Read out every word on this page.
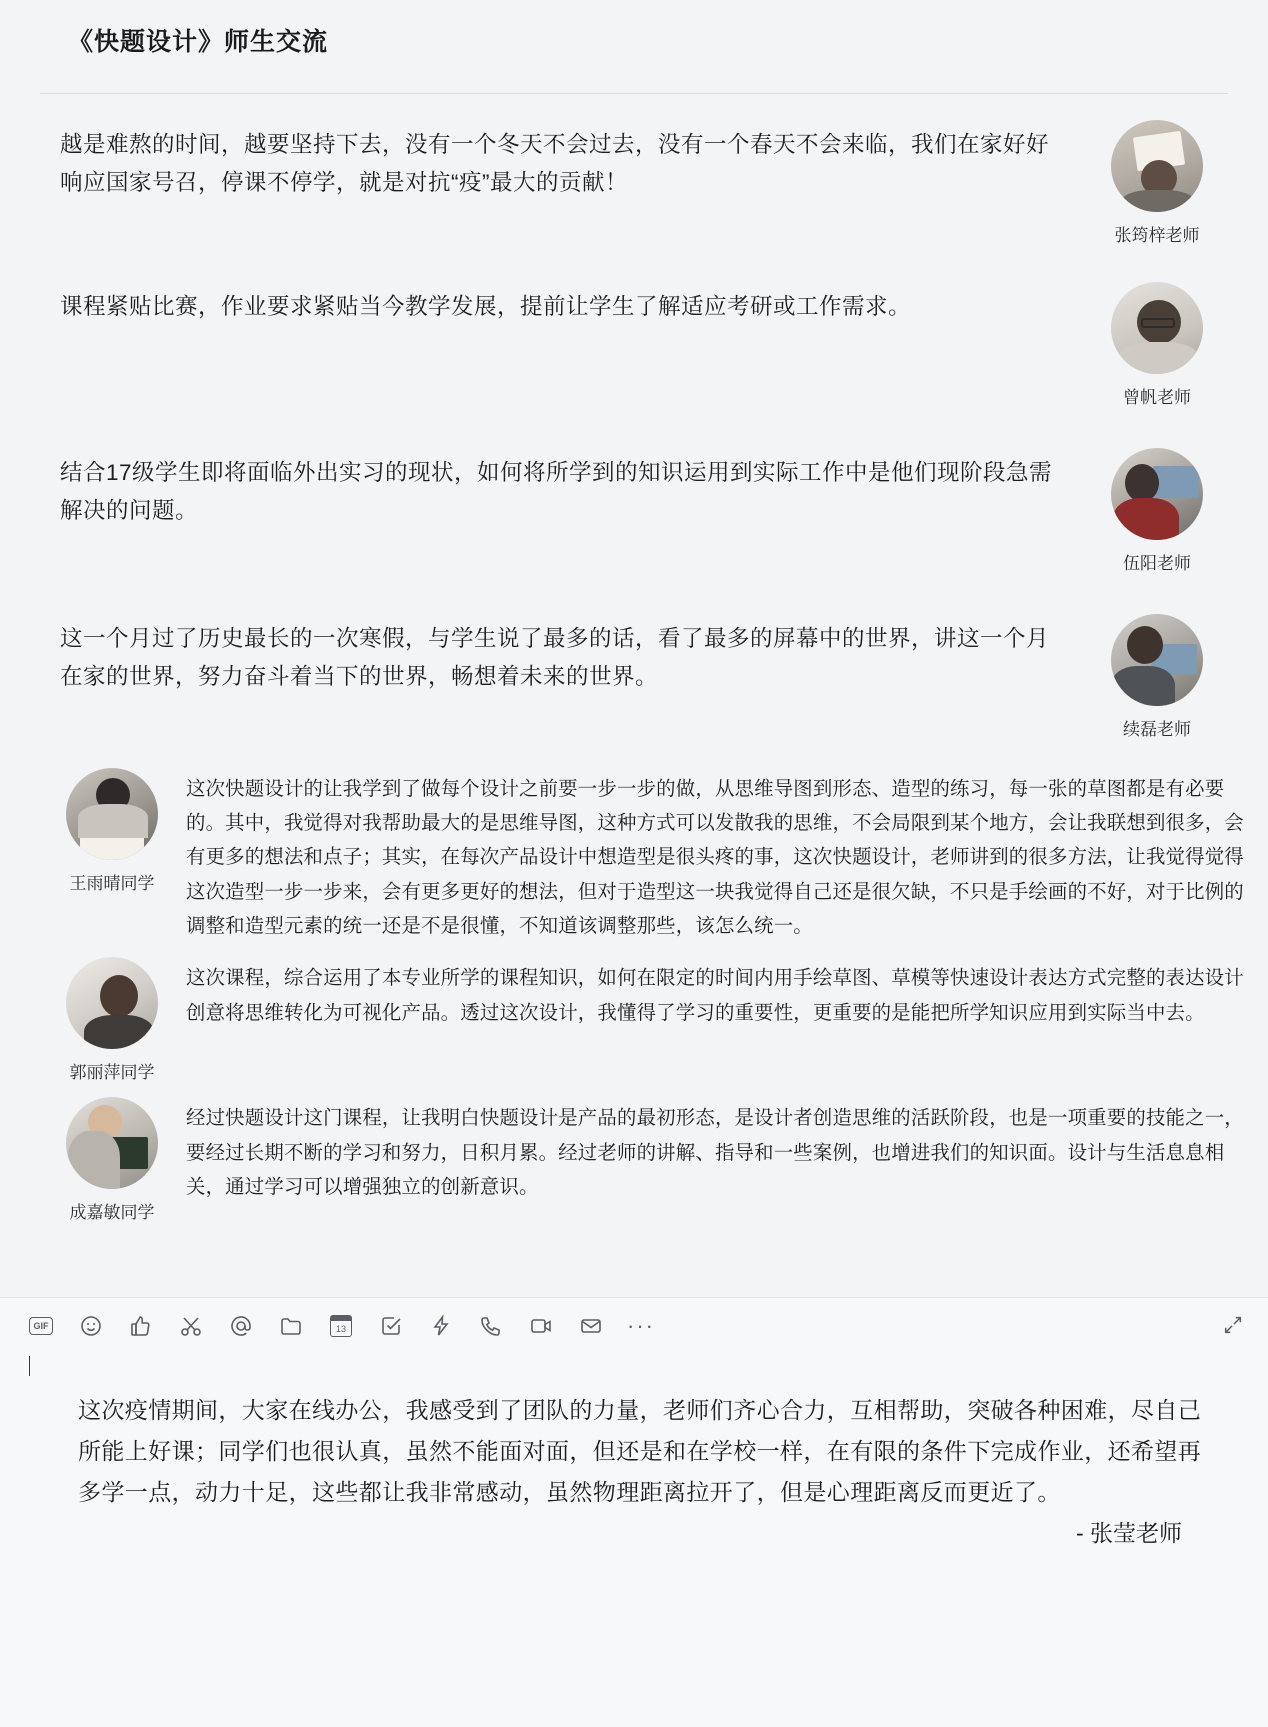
《快题设计》师生交流
越是难熬的时间，越要坚持下去，没有一个冬天不会过去，没有一个春天不会来临，我们在家好好响应国家号召，停课不停学，就是对抗“疫”最大的贡献！
张筠梓老师
课程紧贴比赛，作业要求紧贴当今教学发展，提前让学生了解适应考研或工作需求。
曾帆老师
结合17级学生即将面临外出实习的现状，如何将所学到的知识运用到实际工作中是他们现阶段急需解决的问题。
伍阳老师
这一个月过了历史最长的一次寒假，与学生说了最多的话，看了最多的屏幕中的世界，讲这一个月在家的世界，努力奋斗着当下的世界，畅想着未来的世界。
续磊老师
王雨晴同学
这次快题设计的让我学到了做每个设计之前要一步一步的做，从思维导图到形态、造型的练习，每一张的草图都是有必要的。其中，我觉得对我帮助最大的是思维导图，这种方式可以发散我的思维，不会局限到某个地方，会让我联想到很多，会有更多的想法和点子；其实，在每次产品设计中想造型是很头疼的事，这次快题设计，老师讲到的很多方法，让我觉得觉得这次造型一步一步来，会有更多更好的想法，但对于造型这一块我觉得自己还是很欠缺，不只是手绘画的不好，对于比例的调整和造型元素的统一还是不是很懂，不知道该调整那些，该怎么统一。
郭丽萍同学
这次课程，综合运用了本专业所学的课程知识，如何在限定的时间内用手绘草图、草模等快速设计表达方式完整的表达设计创意将思维转化为可视化产品。透过这次设计，我懂得了学习的重要性，更重要的是能把所学知识应用到实际当中去。
成嘉敏同学
经过快题设计这门课程，让我明白快题设计是产品的最初形态，是设计者创造思维的活跃阶段，也是一项重要的技能之一，要经过长期不断的学习和努力，日积月累。经过老师的讲解、指导和一些案例，也增进我们的知识面。设计与生活息息相关，通过学习可以增强独立的创新意识。
GIF	13	···
这次疫情期间，大家在线办公，我感受到了团队的力量，老师们齐心合力，互相帮助，突破各种困难，尽自己所能上好课；同学们也很认真，虽然不能面对面，但还是和在学校一样，在有限的条件下完成作业，还希望再多学一点，动力十足，这些都让我非常感动，虽然物理距离拉开了，但是心理距离反而更近了。
- 张莹老师
